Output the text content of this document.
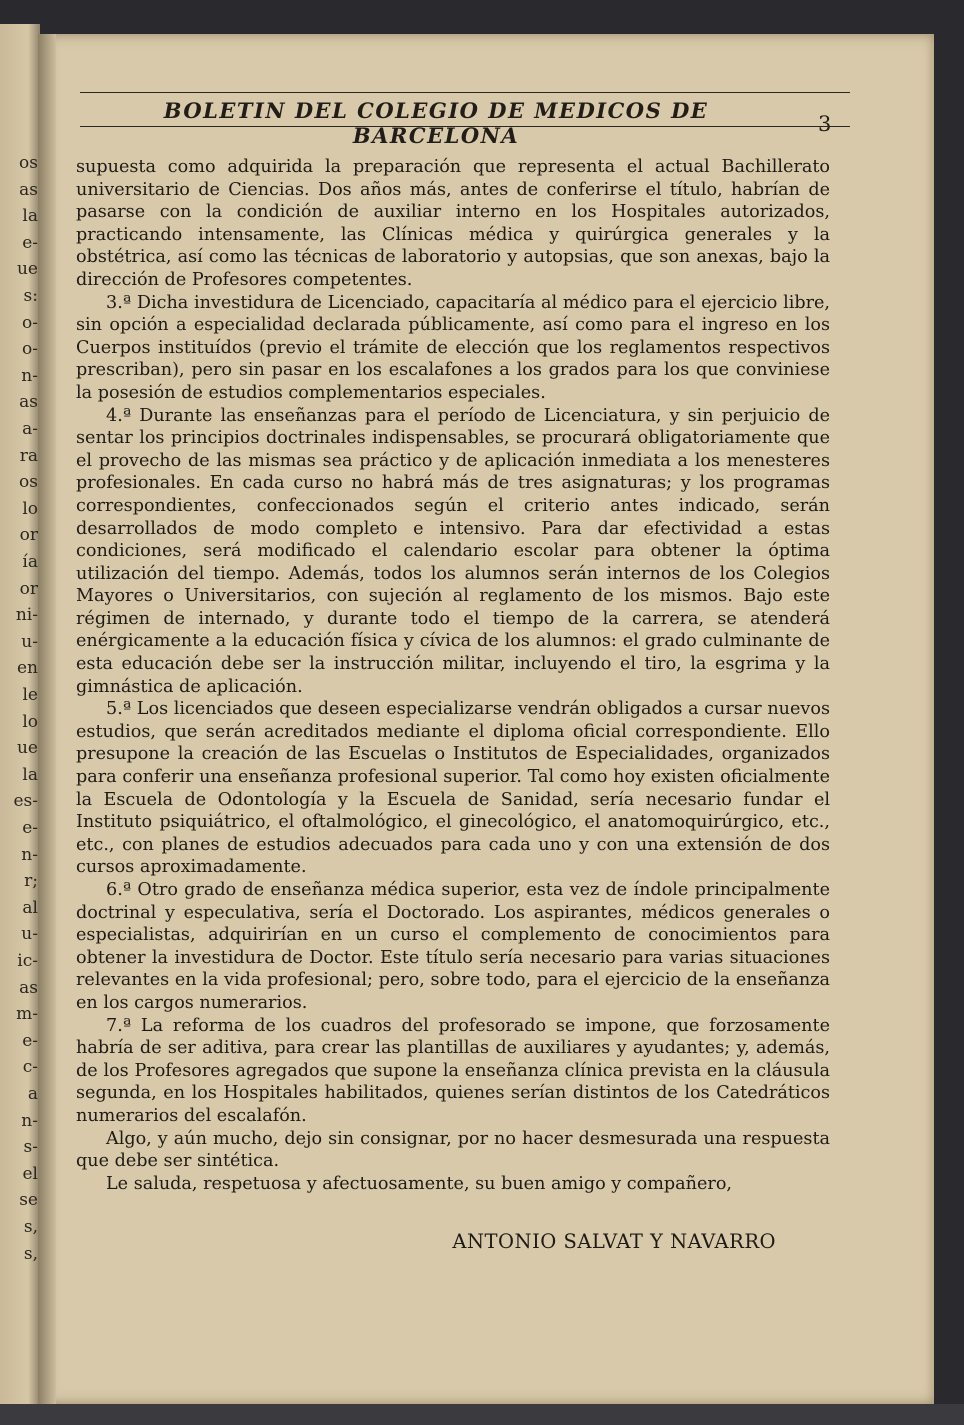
os
as
la
e-
ue
s:
o-
o-
n-
as
a-
ra
os
lo
or
ía
or
ni-
u-
en
le
lo
ue
la
es-
e-
n-
r;
al
u-
ic-
as
m-
e-
c-
a
n-
s-
el
se
s,
s,
BOLETIN DEL COLEGIO DE MEDICOS DE BARCELONA	3

supuesta como adquirida la preparación que representa el actual Bachillerato universitario de Ciencias. Dos años más, antes de conferirse el título, habrían de pasarse con la condición de auxiliar interno en los Hospitales autorizados, practicando intensamente, las Clínicas médica y quirúrgica generales y la obstétrica, así como las técnicas de laboratorio y autopsias, que son anexas, bajo la dirección de Profesores competentes.

3.ª Dicha investidura de Licenciado, capacitaría al médico para el ejercicio libre, sin opción a especialidad declarada públicamente, así como para el ingreso en los Cuerpos instituídos (previo el trámite de elección que los reglamentos respectivos prescriban), pero sin pasar en los escalafones a los grados para los que conviniese la posesión de estudios complementarios especiales.

4.ª Durante las enseñanzas para el período de Licenciatura, y sin perjuicio de sentar los principios doctrinales indispensables, se procurará obligatoriamente que el provecho de las mismas sea práctico y de aplicación inmediata a los menesteres profesionales. En cada curso no habrá más de tres asignaturas; y los programas correspondientes, confeccionados según el criterio antes indicado, serán desarrollados de modo completo e intensivo. Para dar efectividad a estas condiciones, será modificado el calendario escolar para obtener la óptima utilización del tiempo. Además, todos los alumnos serán internos de los Colegios Mayores o Universitarios, con sujeción al reglamento de los mismos. Bajo este régimen de internado, y durante todo el tiempo de la carrera, se atenderá enérgicamente a la educación física y cívica de los alumnos: el grado culminante de esta educación debe ser la instrucción militar, incluyendo el tiro, la esgrima y la gimnástica de aplicación.

5.ª Los licenciados que deseen especializarse vendrán obligados a cursar nuevos estudios, que serán acreditados mediante el diploma oficial correspondiente. Ello presupone la creación de las Escuelas o Institutos de Especialidades, organizados para conferir una enseñanza profesional superior. Tal como hoy existen oficialmente la Escuela de Odontología y la Escuela de Sanidad, sería necesario fundar el Instituto psiquiátrico, el oftalmológico, el ginecológico, el anatomoquirúrgico, etc., etc., con planes de estudios adecuados para cada uno y con una extensión de dos cursos aproximadamente.

6.ª Otro grado de enseñanza médica superior, esta vez de índole principalmente doctrinal y especulativa, sería el Doctorado. Los aspirantes, médicos generales o especialistas, adquirirían en un curso el complemento de conocimientos para obtener la investidura de Doctor. Este título sería necesario para varias situaciones relevantes en la vida profesional; pero, sobre todo, para el ejercicio de la enseñanza en los cargos numerarios.

7.ª La reforma de los cuadros del profesorado se impone, que forzosamente habría de ser aditiva, para crear las plantillas de auxiliares y ayudantes; y, además, de los Profesores agregados que supone la enseñanza clínica prevista en la cláusula segunda, en los Hospitales habilitados, quienes serían distintos de los Catedráticos numerarios del escalafón.

Algo, y aún mucho, dejo sin consignar, por no hacer desmesurada una respuesta que debe ser sintética.

Le saluda, respetuosa y afectuosamente, su buen amigo y compañero,

ANTONIO SALVAT Y NAVARRO
